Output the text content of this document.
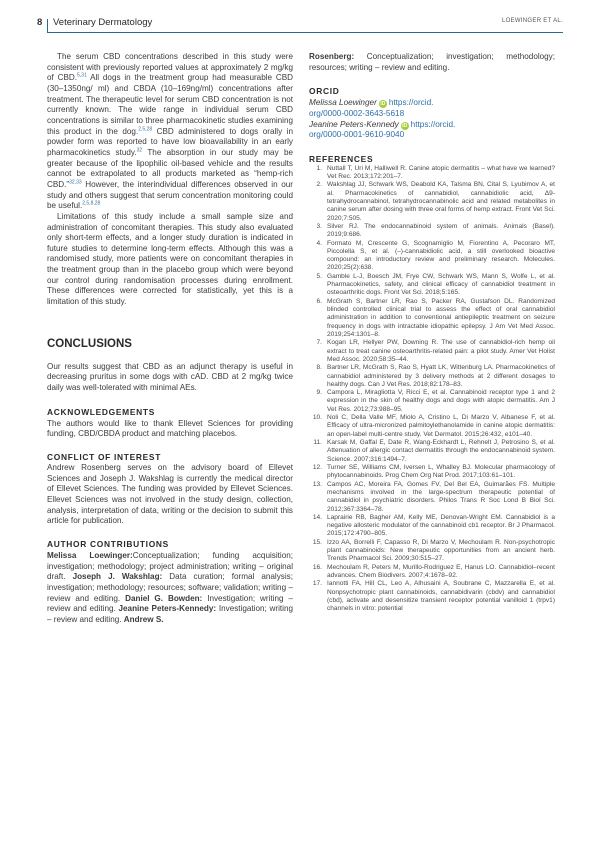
8 Veterinary Dermatology	LOEWINGER ET AL.

The serum CBD concentrations described in this study were consistent with previously reported values at approximately 2 mg/kg of CBD.$^{5,31}$ All dogs in the treatment group had measurable CBD (30–1350ng/ ml) and CBDA (10–169ng/ml) concentrations after treatment. The therapeutic level for serum CBD concentration is not currently known. The wide range in individual serum CBD concentrations is similar to three pharmacokinetic studies examining this product in the dog.$^{2,5,28}$ CBD administered to dogs orally in powder form was reported to have low bioavailability in an early pharmacokinetics study.$^{32}$ The absorption in our study may be greater because of the lipophilic oil-based vehicle and the results cannot be extrapolated to all products marketed as “hemp-rich CBD.”$^{32,33}$ However, the interindividual differences observed in our study and others suggest that serum concentration monitoring could be useful.$^{2,5,8,28}$

Limitations of this study include a small sample size and administration of concomitant therapies. This study also evaluated only short-term effects, and a longer study duration is indicated in future studies to determine long-term effects. Although this was a randomised study, more patients were on concomitant therapies in the treatment group than in the placebo group which were beyond our control during randomisation processes during enrollment. These differences were corrected for statistically, yet this is a limitation of this study.

CONCLUSIONS

Our results suggest that CBD as an adjunct therapy is useful in decreasing pruritus in some dogs with cAD. CBD at 2 mg/kg twice daily was well-tolerated with minimal AEs.

ACKNOWLEDGEMENTS

The authors would like to thank Ellevet Sciences for providing funding, CBD/CBDA product and matching placebos.

CONFLICT OF INTEREST

Andrew Rosenberg serves on the advisory board of Ellevet Sciences and Joseph J. Wakshlag is currently the medical director of Ellevet Sciences. The funding was provided by Ellevet Sciences. Ellevet Sciences was not involved in the study design, collection, analysis, interpretation of data, writing or the decision to submit this article for publication.

AUTHOR CONTRIBUTIONS

Melissa Loewinger:Conceptualization; funding acquisition; investigation; methodology; project administration; writing – original draft. Joseph J. Wakshlag: Data curation; formal analysis; investigation; methodology; resources; software; validation; writing – review and editing. Daniel G. Bowden: Investigation; writing – review and editing. Jeanine Peters-Kennedy: Investigation; writing – review and editing. Andrew S.

Rosenberg: Conceptualization; investigation; methodology; resources; writing – review and editing.

ORCID

Melissa Loewinger iD https://orcid.

org/0000-0002-3643-5618

Jeanine Peters-Kennedy iD https://orcid.

org/0000-0001-9610-9040

REFERENCES
1. Nuttall T, Uri M, Halliwell R. Canine atopic dermatitis – what have we learned? Vet Rec. 2013;172:201–7.
2. Wakshlag JJ, Schwark WS, Deabold KA, Talsma BN, Cital S, Lyubimov A, et al. Pharmacokinetics of cannabidiol, cannabidiolic acid, Δ9-tetrahydrocannabinol, tetrahydrocannabinolic acid and related metabolites in canine serum after dosing with three oral forms of hemp extract. Front Vet Sci. 2020;7:505.
3. Silver RJ. The endocannabinoid system of animals. Animals (Basel). 2019;9:686.
4. Formato M, Crescente G, Scognamiglio M, Fiorentino A, Pecoraro MT, Piccolella S, et al. (–)-cannabidiolic acid, a still overlooked bioactive compound: an introductory review and preliminary research. Molecules. 2020;25(2):638.
5. Gamble L-J, Boesch JM, Frye CW, Schwark WS, Mann S, Wolfe L, et al. Pharmacokinetics, safety, and clinical efficacy of cannabidiol treatment in osteoarthritic dogs. Front Vet Sci. 2018;5:165.
6. McGrath S, Bartner LR, Rao S, Packer RA, Gustafson DL. Randomized blinded controlled clinical trial to assess the effect of oral cannabidiol administration in addition to conventional antiepileptic treatment on seizure frequency in dogs with intractable idiopathic epilepsy. J Am Vet Med Assoc. 2019;254:1301–8.
7. Kogan LR, Hellyer PW, Downing R. The use of cannabidiol-rich hemp oil extract to treat canine osteoarthritis-related pain: a pilot study. Amer Vet Holist Med Assoc. 2020;58:35–44.
8. Bartner LR, McGrath S, Rao S, Hyatt LK, Wittenburg LA. Pharmacokinetics of cannabidiol administered by 3 delivery methods at 2 different dosages to healthy dogs. Can J Vet Res. 2018;82:178–83.
9. Campora L, Miragliotta V, Ricci E, et al. Cannabinoid receptor type 1 and 2 expression in the skin of healthy dogs and dogs with atopic dermatitis. Am J Vet Res. 2012;73:988–95.
10. Noli C, Della Valle MF, Miolo A, Cristino L, Di Marzo V, Albanese F, et al. Efficacy of ultra-micronized palmitoylethanolamide in canine atopic dermatitis: an open-label multi-centre study. Vet Dermatol. 2015;26:432, e101–40.
11. Karsak M, Gaffal E, Date R, Wang-Eckhardt L, Rehnelt J, Petrosino S, et al. Attenuation of allergic contact dermatitis through the endocannabinoid system. Science. 2007;316:1494–7.
12. Turner SE, Williams CM, Iversen L, Whalley BJ. Molecular pharmacology of phytocannabinoids. Prog Chem Org Nat Prod. 2017;103:61–101.
13. Campos AC, Moreira FA, Gomes FV, Del Bel EA, Guimarães FS. Multiple mechanisms involved in the large-spectrum therapeutic potential of cannabidiol in psychiatric disorders. Philos Trans R Soc Lond B Biol Sci. 2012;367:3364–78.
14. Laprairie RB, Bagher AM, Kelly ME, Denovan-Wright EM. Cannabidiol is a negative allosteric modulator of the cannabinoid cb1 receptor. Br J Pharmacol. 2015;172:4790–805.
15. Izzo AA, Borrelli F, Capasso R, Di Marzo V, Mechoulam R. Non-psychotropic plant cannabinoids: New therapeutic opportunities from an ancient herb. Trends Pharmacol Sci. 2009;30:515–27.
16. Mechoulam R, Peters M, Murillo-Rodriguez E, Hanus LO. Cannabidiol–recent advances. Chem Biodivers. 2007;4:1678–92.
17. Iannotti FA, Hill CL, Leo A, Alhusaini A, Soubrane C, Mazzarella E, et al. Nonpsychotropic plant cannabinoids, cannabidivarin (cbdv) and cannabidiol (cbd), activate and desensitize transient receptor potential vanilloid 1 (trpv1) channels in vitro: potential
